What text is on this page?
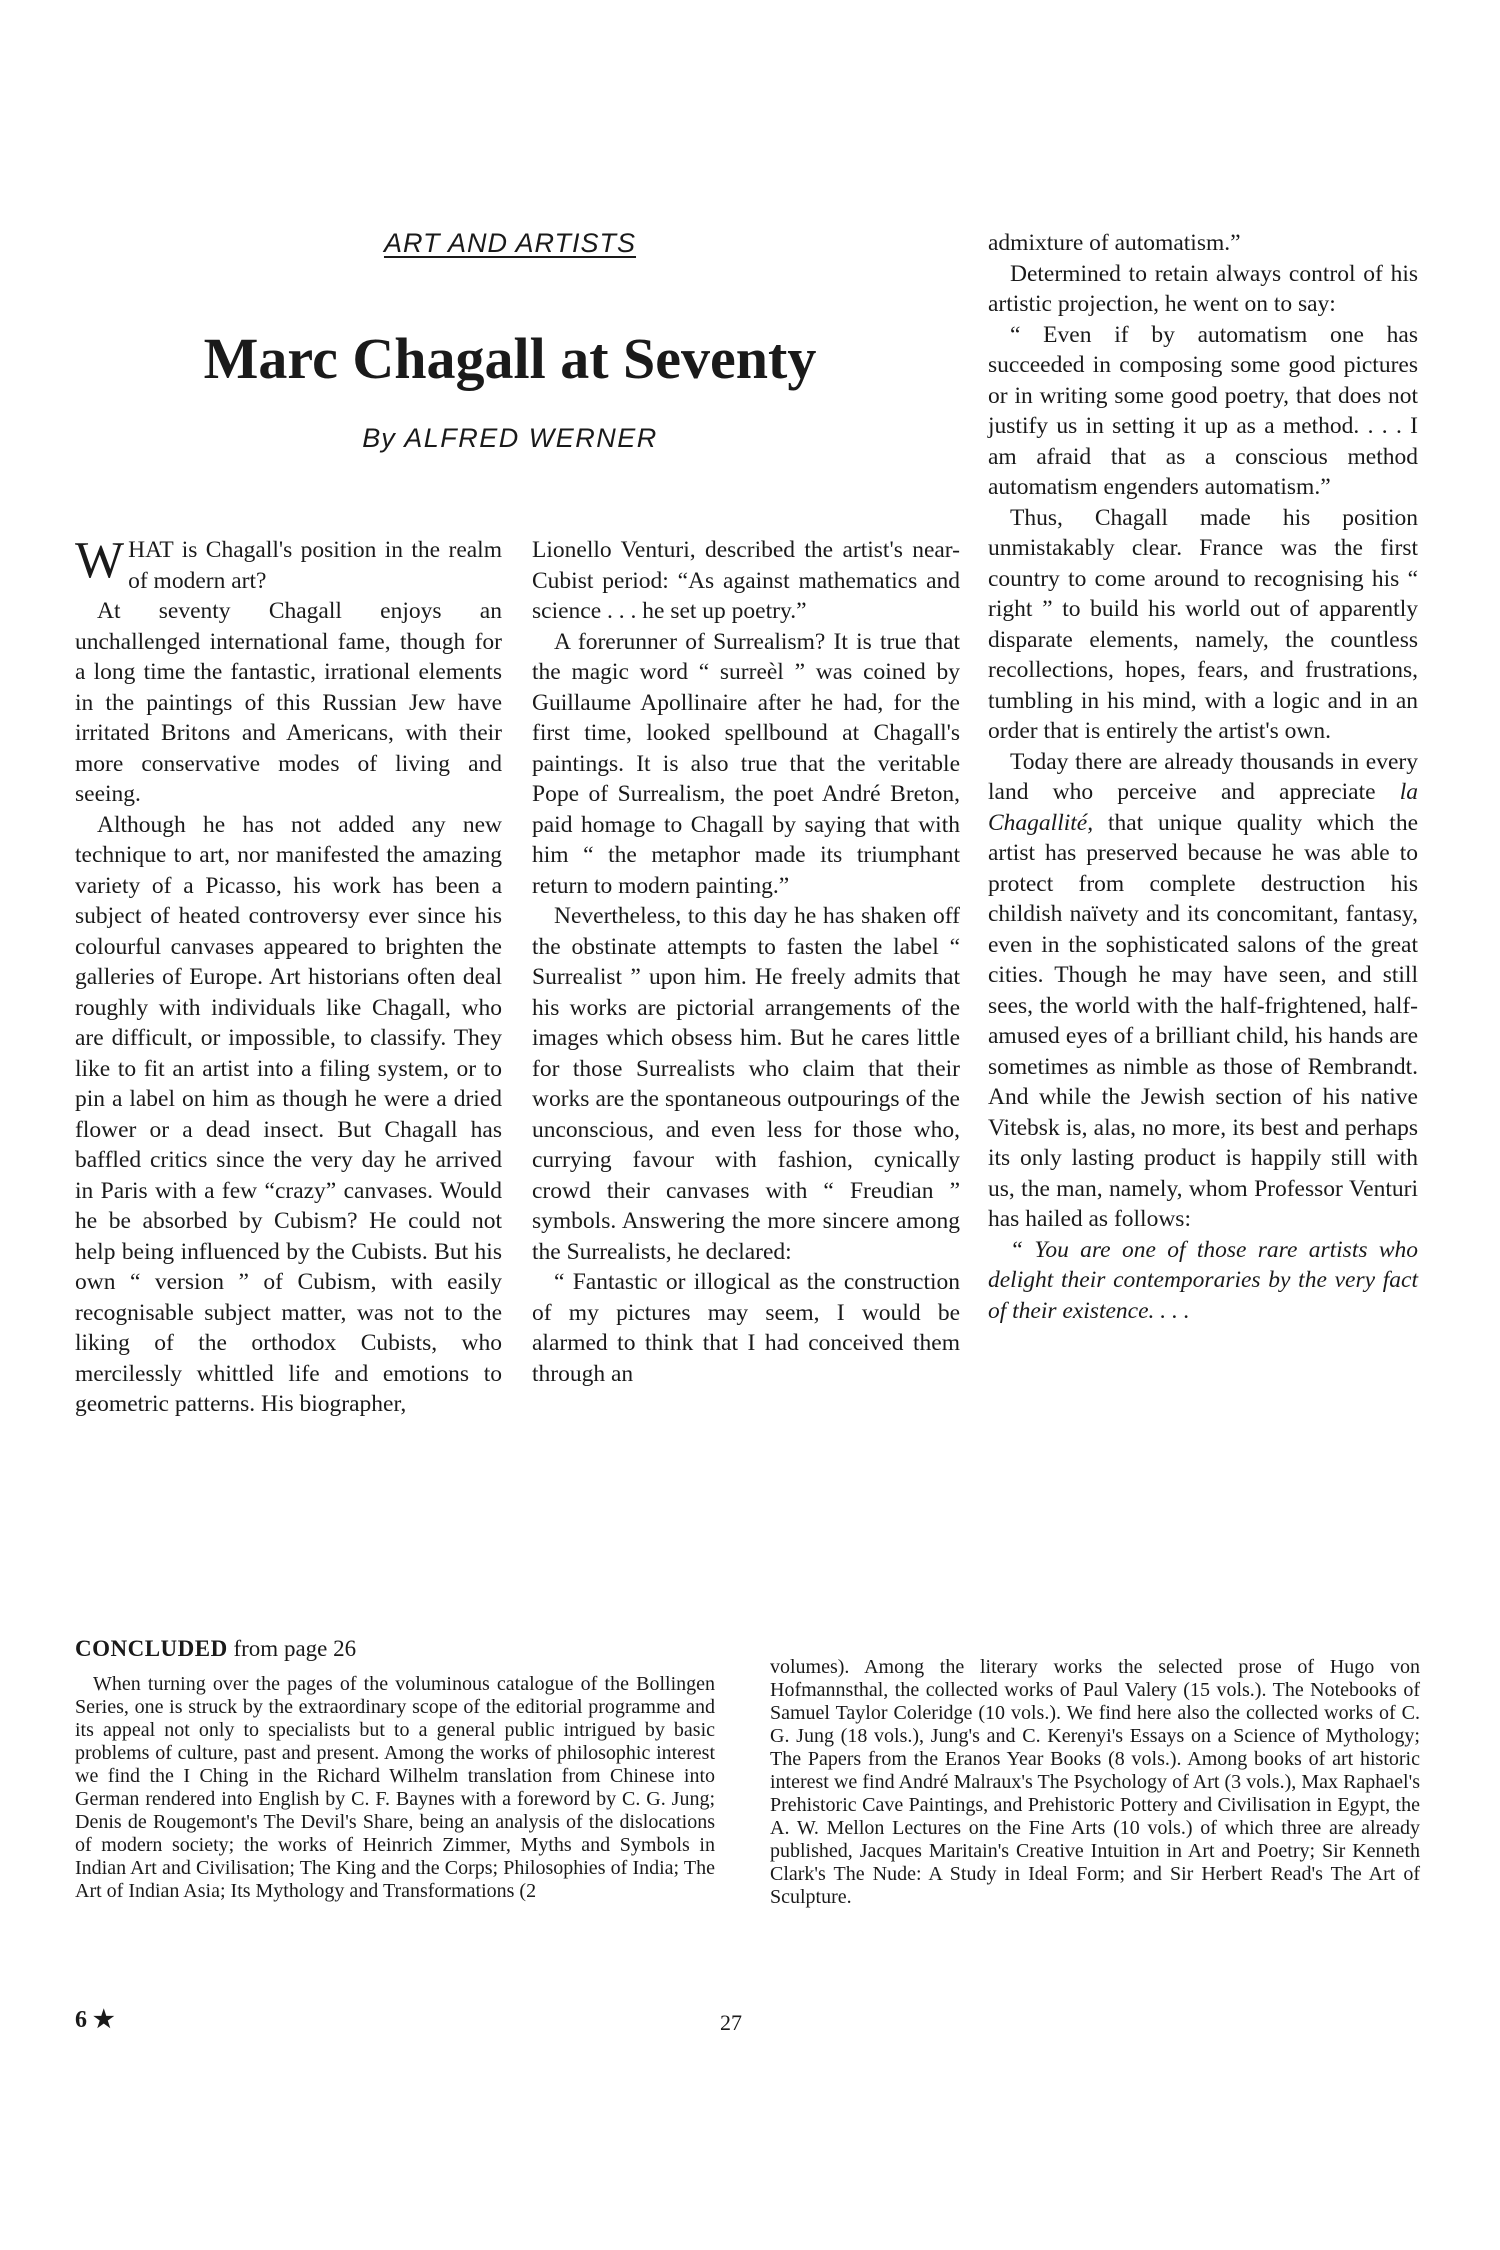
ART AND ARTISTS
Marc Chagall at Seventy
By ALFRED WERNER

WHAT is Chagall's position in the realm of modern art?

At seventy Chagall enjoys an unchallenged international fame, though for a long time the fantastic, irrational elements in the paintings of this Russian Jew have irritated Britons and Americans, with their more conservative modes of living and seeing.

Although he has not added any new technique to art, nor manifested the amazing variety of a Picasso, his work has been a subject of heated controversy ever since his colourful canvases appeared to brighten the galleries of Europe. Art historians often deal roughly with individuals like Chagall, who are difficult, or impossible, to classify. They like to fit an artist into a filing system, or to pin a label on him as though he were a dried flower or a dead insect. But Chagall has baffled critics since the very day he arrived in Paris with a few “crazy” canvases. Would he be absorbed by Cubism? He could not help being influenced by the Cubists. But his own “ version ” of Cubism, with easily recognisable subject matter, was not to the liking of the orthodox Cubists, who mercilessly whittled life and emotions to geometric patterns. His biographer,

Lionello Venturi, described the artist's near-Cubist period: “As against mathematics and science . . . he set up poetry.”

A forerunner of Surrealism? It is true that the magic word “ surreèl ” was coined by Guillaume Apollinaire after he had, for the first time, looked spellbound at Chagall's paintings. It is also true that the veritable Pope of Surrealism, the poet André Breton, paid homage to Chagall by saying that with him “ the metaphor made its triumphant return to modern painting.”

Nevertheless, to this day he has shaken off the obstinate attempts to fasten the label “ Surrealist ” upon him. He freely admits that his works are pictorial arrangements of the images which obsess him. But he cares little for those Surrealists who claim that their works are the spontaneous outpourings of the unconscious, and even less for those who, currying favour with fashion, cynically crowd their canvases with “ Freudian ” symbols. Answering the more sincere among the Surrealists, he declared:

“ Fantastic or illogical as the construction of my pictures may seem, I would be alarmed to think that I had conceived them through an

admixture of automatism.”

Determined to retain always control of his artistic projection, he went on to say:

“ Even if by automatism one has succeeded in composing some good pictures or in writing some good poetry, that does not justify us in setting it up as a method. . . . I am afraid that as a conscious method automatism engenders automatism.”

Thus, Chagall made his position unmistakably clear. France was the first country to come around to recognising his “ right ” to build his world out of apparently disparate elements, namely, the countless recollections, hopes, fears, and frustrations, tumbling in his mind, with a logic and in an order that is entirely the artist's own.

Today there are already thousands in every land who perceive and appreciate la Chagallité, that unique quality which the artist has preserved because he was able to protect from complete destruction his childish naïvety and its concomitant, fantasy, even in the sophisticated salons of the great cities. Though he may have seen, and still sees, the world with the half-frightened, half-amused eyes of a brilliant child, his hands are sometimes as nimble as those of Rembrandt. And while the Jewish section of his native Vitebsk is, alas, no more, its best and perhaps its only lasting product is happily still with us, the man, namely, whom Professor Venturi has hailed as follows:

“ You are one of those rare artists who delight their contemporaries by the very fact of their existence. . . .

CONCLUDED from page 26

When turning over the pages of the voluminous catalogue of the Bollingen Series, one is struck by the extraordinary scope of the editorial programme and its appeal not only to specialists but to a general public intrigued by basic problems of culture, past and present. Among the works of philosophic interest we find the I Ching in the Richard Wilhelm translation from Chinese into German rendered into English by C. F. Baynes with a foreword by C. G. Jung; Denis de Rougemont's The Devil's Share, being an analysis of the dislocations of modern society; the works of Heinrich Zimmer, Myths and Symbols in Indian Art and Civilisation; The King and the Corps; Philosophies of India; The Art of Indian Asia; Its Mythology and Transformations (2

volumes). Among the literary works the selected prose of Hugo von Hofmannsthal, the collected works of Paul Valery (15 vols.). The Notebooks of Samuel Taylor Coleridge (10 vols.). We find here also the collected works of C. G. Jung (18 vols.), Jung's and C. Kerenyi's Essays on a Science of Mythology; The Papers from the Eranos Year Books (8 vols.). Among books of art historic interest we find André Malraux's The Psychology of Art (3 vols.), Max Raphael's Prehistoric Cave Paintings, and Prehistoric Pottery and Civilisation in Egypt, the A. W. Mellon Lectures on the Fine Arts (10 vols.) of which three are already published, Jacques Maritain's Creative Intuition in Art and Poetry; Sir Kenneth Clark's The Nude: A Study in Ideal Form; and Sir Herbert Read's The Art of Sculpture.

6 ★	27
